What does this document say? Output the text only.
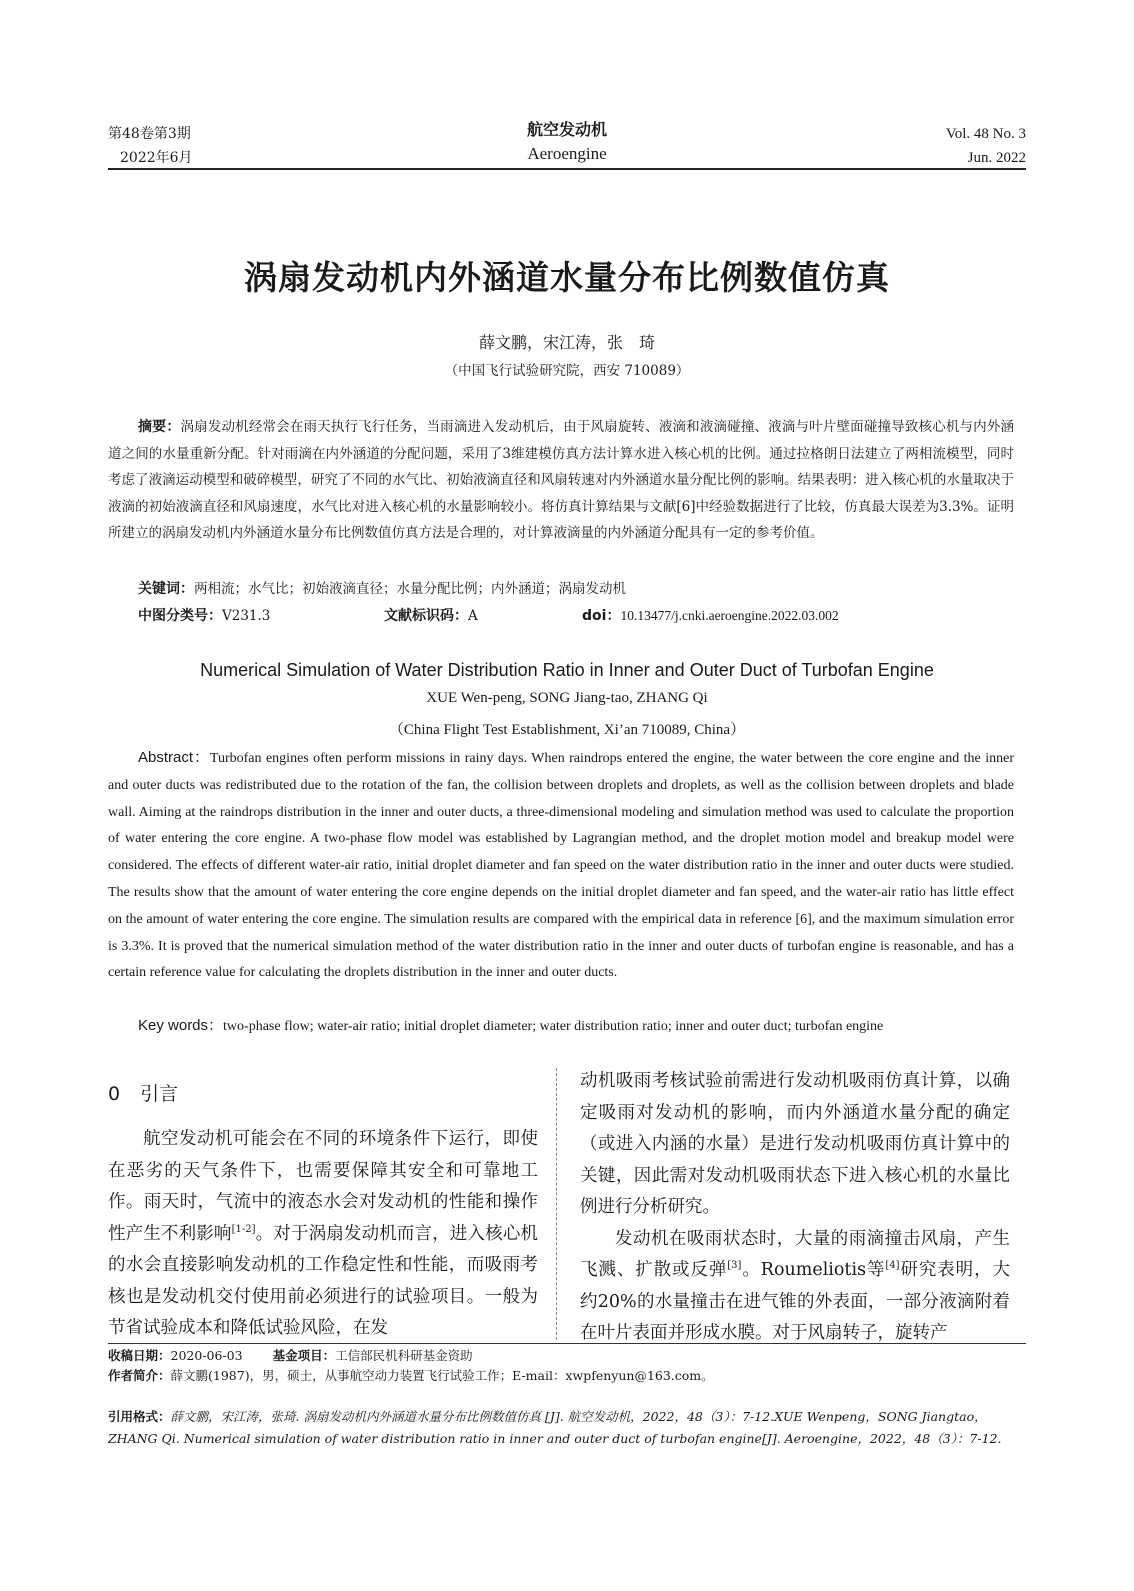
第48卷第3期
2022年6月
航空发动机
Aeroengine
Vol. 48 No. 3
Jun. 2022
涡扇发动机内外涵道水量分布比例数值仿真
薛文鹏，宋江涛，张　琦
（中国飞行试验研究院，西安 710089）
摘要：涡扇发动机经常会在雨天执行飞行任务，当雨滴进入发动机后，由于风扇旋转、液滴和液滴碰撞、液滴与叶片壁面碰撞导致核心机与内外涵道之间的水量重新分配。针对雨滴在内外涵道的分配问题，采用了3维建模仿真方法计算水进入核心机的比例。通过拉格朗日法建立了两相流模型，同时考虑了液滴运动模型和破碎模型，研究了不同的水气比、初始液滴直径和风扇转速对内外涵道水量分配比例的影响。结果表明：进入核心机的水量取决于液滴的初始液滴直径和风扇速度，水气比对进入核心机的水量影响较小。将仿真计算结果与文献[6]中经验数据进行了比较，仿真最大误差为3.3%。证明所建立的涡扇发动机内外涵道水量分布比例数值仿真方法是合理的，对计算液滴量的内外涵道分配具有一定的参考价值。
关键词：两相流；水气比；初始液滴直径；水量分配比例；内外涵道；涡扇发动机
中图分类号：V231.3	文献标识码：A	doi：10.13477/j.cnki.aeroengine.2022.03.002
Numerical Simulation of Water Distribution Ratio in Inner and Outer Duct of Turbofan Engine
XUE Wen-peng, SONG Jiang-tao, ZHANG Qi
（China Flight Test Establishment, Xi’an 710089, China）
Abstract：Turbofan engines often perform missions in rainy days. When raindrops entered the engine, the water between the core engine and the inner and outer ducts was redistributed due to the rotation of the fan, the collision between droplets and droplets, as well as the collision between droplets and blade wall. Aiming at the raindrops distribution in the inner and outer ducts, a three-dimensional modeling and simulation method was used to calculate the proportion of water entering the core engine. A two-phase flow model was established by Lagrangian method, and the droplet motion model and breakup model were considered. The effects of different water-air ratio, initial droplet diameter and fan speed on the water distribution ratio in the inner and outer ducts were studied. The results show that the amount of water entering the core engine depends on the initial droplet diameter and fan speed, and the water-air ratio has little effect on the amount of water entering the core engine. The simulation results are compared with the empirical data in reference [6], and the maximum simulation error is 3.3%. It is proved that the numerical simulation method of the water distribution ratio in the inner and outer ducts of turbofan engine is reasonable, and has a certain reference value for calculating the droplets distribution in the inner and outer ducts.
Key words：two-phase flow; water-air ratio; initial droplet diameter; water distribution ratio; inner and outer duct; turbofan engine
0 引言

航空发动机可能会在不同的环境条件下运行，即使在恶劣的天气条件下，也需要保障其安全和可靠地工作。雨天时，气流中的液态水会对发动机的性能和操作性产生不利影响[1-2]。对于涡扇发动机而言，进入核心机的水会直接影响发动机的工作稳定性和性能，而吸雨考核也是发动机交付使用前必须进行的试验项目。一般为节省试验成本和降低试验风险，在发

动机吸雨考核试验前需进行发动机吸雨仿真计算，以确定吸雨对发动机的影响，而内外涵道水量分配的确定（或进入内涵的水量）是进行发动机吸雨仿真计算中的关键，因此需对发动机吸雨状态下进入核心机的水量比例进行分析研究。

发动机在吸雨状态时，大量的雨滴撞击风扇，产生飞溅、扩散或反弹[3]。Roumeliotis等[4]研究表明，大约20%的水量撞击在进气锥的外表面，一部分液滴附着在叶片表面并形成水膜。对于风扇转子，旋转产

收稿日期：2020-06-03 基金项目：工信部民机科研基金资助
作者简介：薛文鹏(1987)，男，硕士，从事航空动力装置飞行试验工作；E-mail：xwpfenyun@163.com。
引用格式：薛文鹏，宋江涛，张琦. 涡扇发动机内外涵道水量分布比例数值仿真 [J]. 航空发动机，2022，48（3）：7-12.XUE Wenpeng，SONG Jiangtao，ZHANG Qi. Numerical simulation of water distribution ratio in inner and outer duct of turbofan engine[J]. Aeroengine，2022，48（3）：7-12.
